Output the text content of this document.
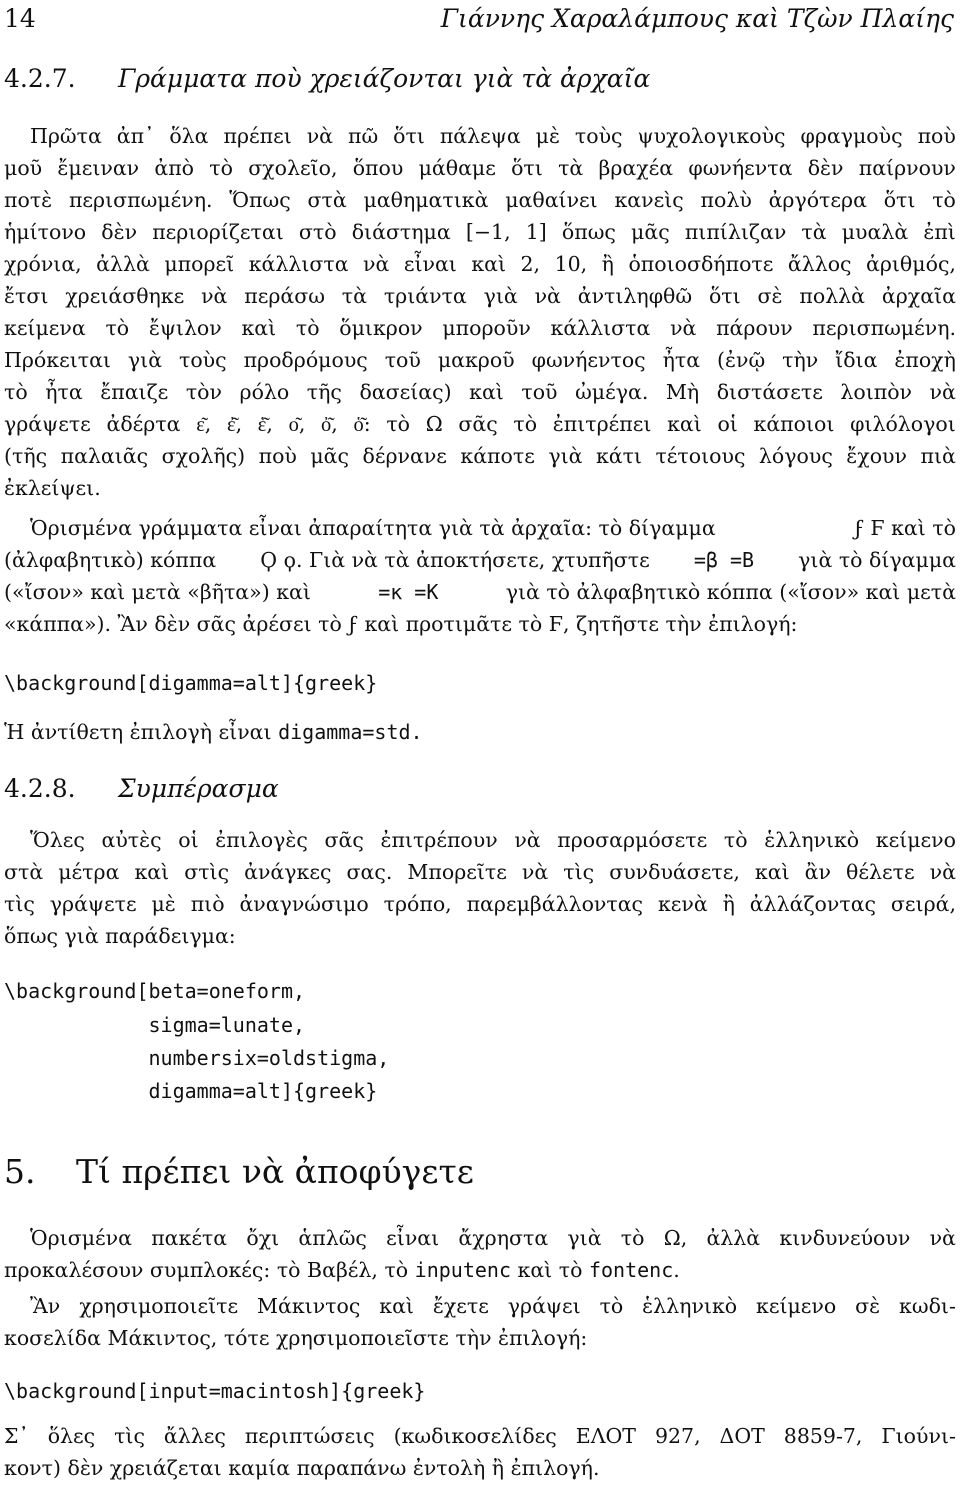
14	Γιάννης Χαραλάμπους καὶ Τζὼν Πλαίης
4.2.7. Γράμματα ποὺ χρειάζονται γιὰ τὰ ἀρχαῖα
Πρῶτα ἀπ᾿ ὅλα πρέπει νὰ πῶ ὅτι πάλεψα μὲ τοὺς ψυχολογικοὺς φραγμοὺς ποὺ
μοῦ ἔμειναν ἀπὸ τὸ σχολεῖο, ὅπου μάθαμε ὅτι τὰ βραχέα φωνήεντα δὲν παίρνουν
ποτὲ περισπωμένη. Ὅπως στὰ μαθηματικὰ μαθαίνει κανεὶς πολὺ ἀργότερα ὅτι τὸ
ἡμίτονο δὲν περιορίζεται στὸ διάστημα [−1, 1] ὅπως μᾶς πιπίλιζαν τὰ μυαλὰ ἐπὶ
χρόνια, ἀλλὰ μπορεῖ κάλλιστα νὰ εἶναι καὶ 2, 10, ἢ ὁποιοσδήποτε ἄλλος ἀριθμός,
ἔτσι χρειάσθηκε νὰ περάσω τὰ τριάντα γιὰ νὰ ἀντιληφθῶ ὅτι σὲ πολλὰ ἀρχαῖα
κείμενα τὸ ἔψιλον καὶ τὸ ὅμικρον μποροῦν κάλλιστα νὰ πάρουν περισπωμένη.
Πρόκειται γιὰ τοὺς προδρόμους τοῦ μακροῦ φωνήεντος ἦτα (ἐνῷ τὴν ἴδια ἐποχὴ
τὸ ἦτα ἔπαιζε τὸν ρόλο τῆς δασείας) καὶ τοῦ ὠμέγα. Μὴ διστάσετε λοιπὸν νὰ
γράψετε ἀδέρτα ε͂, ἐ͂, ἑ͂, ο͂, ὀ͂, ὁ͂: τὸ Ω σᾶς τὸ ἐπιτρέπει καὶ οἱ κάποιοι φιλόλογοι
(τῆς παλαιᾶς σχολῆς) ποὺ μᾶς δέρνανε κάποτε γιὰ κάτι τέτοιους λόγους ἔχουν πιὰ
ἐκλείψει.
Ὁρισμένα γράμματα εἶναι ἀπαραίτητα γιὰ τὰ ἀρχαῖα: τὸ δίγαμμα	ϝ Ϝ καὶ τὸ
(ἀλφαβητικὸ) κόππα Ϙ ϙ. Γιὰ νὰ τὰ ἀποκτήσετε, χτυπῆστε =β =B γιὰ τὸ δίγαμμα
(«ἴσον» καὶ μετὰ «βῆτα») καὶ	=κ =K	γιὰ τὸ ἀλφαβητικὸ κόππα («ἴσον» καὶ μετὰ
«κάππα»). Ἂν δὲν σᾶς ἀρέσει τὸ ϝ καὶ προτιμᾶτε τὸ Ϝ, ζητῆστε τὴν ἐπιλογή:
\background[digamma=alt]{greek}
Ἡ ἀντίθετη ἐπιλογὴ εἶναι digamma=std.
4.2.8. Συμπέρασμα
Ὅλες αὐτὲς οἱ ἐπιλογὲς σᾶς ἐπιτρέπουν νὰ προσαρμόσετε τὸ ἑλληνικὸ κείμενο
στὰ μέτρα καὶ στὶς ἀνάγκες σας. Μπορεῖτε νὰ τὶς συνδυάσετε, καὶ ἂν θέλετε νὰ
τὶς γράψετε μὲ πιὸ ἀναγνώσιμο τρόπο, παρεμβάλλοντας κενὰ ἢ ἀλλάζοντας σειρά,
ὅπως γιὰ παράδειγμα:
\background[beta=oneform,
sigma=lunate,
numbersix=oldstigma,
digamma=alt]{greek}
5. Τί πρέπει νὰ ἀποφύγετε
Ὁρισμένα πακέτα ὄχι ἁπλῶς εἶναι ἄχρηστα γιὰ τὸ Ω, ἀλλὰ κινδυνεύουν νὰ
προκαλέσουν συμπλοκές: τὸ Βαβέλ, τὸ inputenc καὶ τὸ fontenc.
Ἂν χρησιμοποιεῖτε Μάκιντος καὶ ἔχετε γράψει τὸ ἑλληνικὸ κείμενο σὲ κωδι-
κοσελίδα Μάκιντος, τότε χρησιμοποιεῖστε τὴν ἐπιλογή:
\background[input=macintosh]{greek}
Σ᾿ ὅλες τὶς ἄλλες περιπτώσεις (κωδικοσελίδες ΕΛΟΤ 927, ΔΟΤ 8859-7, Γιούνι-
κοντ) δὲν χρειάζεται καμία παραπάνω ἐντολὴ ἢ ἐπιλογή.
